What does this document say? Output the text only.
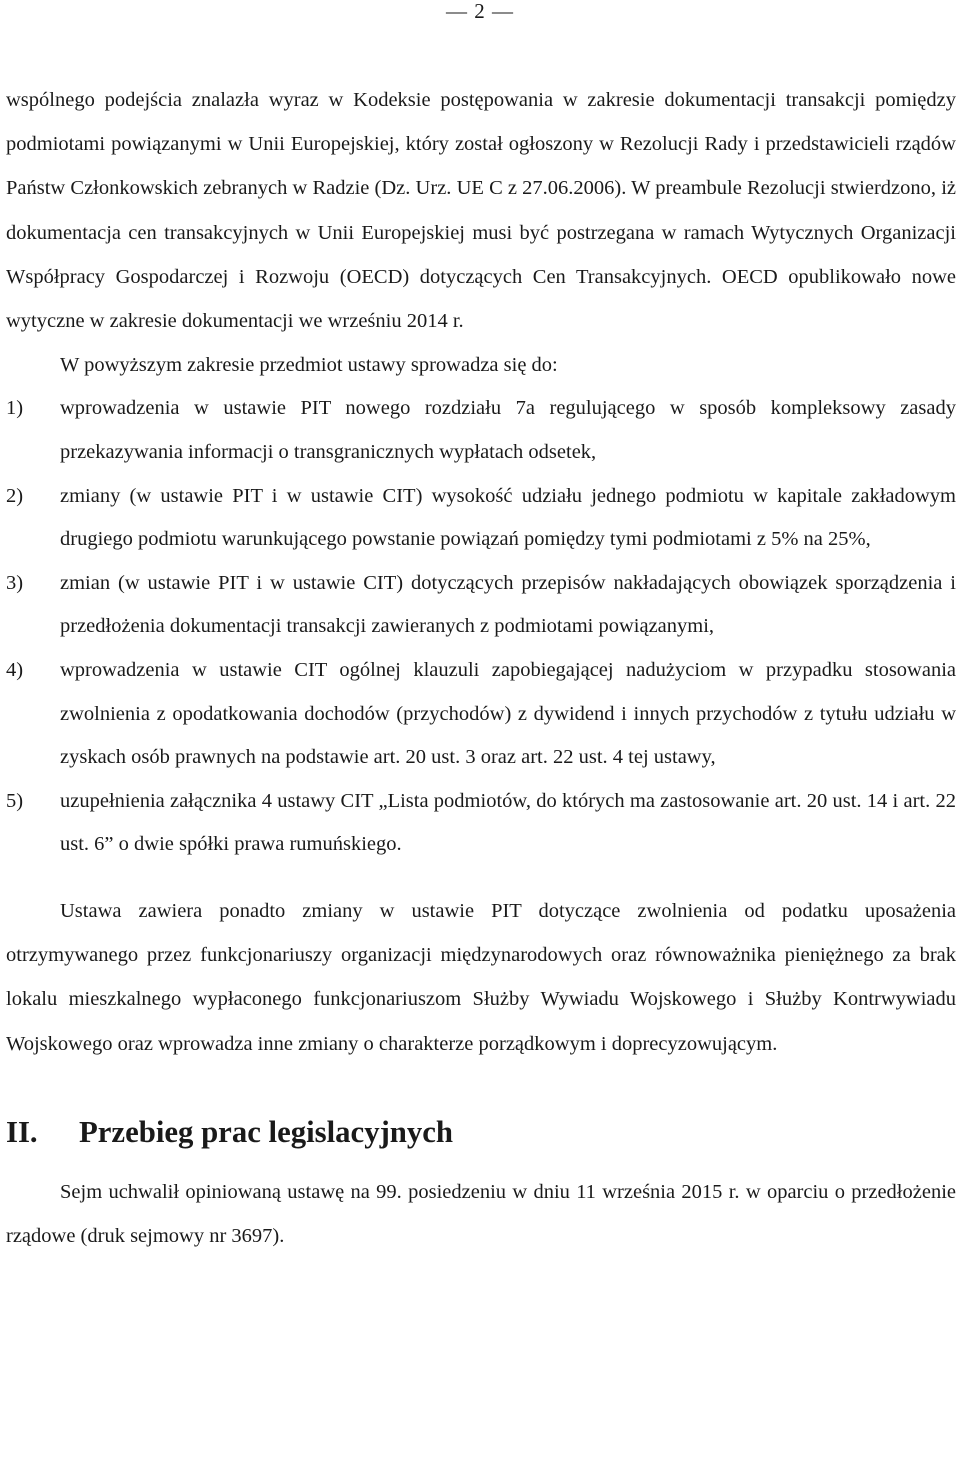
— 2 —

wspólnego podejścia znalazła wyraz w Kodeksie postępowania w zakresie dokumentacji transakcji pomiędzy podmiotami powiązanymi w Unii Europejskiej, który został ogłoszony w Rezolucji Rady i przedstawicieli rządów Państw Członkowskich zebranych w Radzie (Dz. Urz. UE C z 27.06.2006). W preambule Rezolucji stwierdzono, iż dokumentacja cen transakcyjnych w Unii Europejskiej musi być postrzegana w ramach Wytycznych Organizacji Współpracy Gospodarczej i Rozwoju (OECD) dotyczących Cen Transakcyjnych. OECD opublikowało nowe wytyczne w zakresie dokumentacji we wrześniu 2014 r.

W powyższym zakresie przedmiot ustawy sprowadza się do:

1) wprowadzenia w ustawie PIT nowego rozdziału 7a regulującego w sposób kompleksowy zasady przekazywania informacji o transgranicznych wypłatach odsetek,
2) zmiany (w ustawie PIT i w ustawie CIT) wysokość udziału jednego podmiotu w kapitale zakładowym drugiego podmiotu warunkującego powstanie powiązań pomiędzy tymi podmiotami z 5% na 25%,
3) zmian (w ustawie PIT i w ustawie CIT) dotyczących przepisów nakładających obowiązek sporządzenia i przedłożenia dokumentacji transakcji zawieranych z podmiotami powiązanymi,
4) wprowadzenia w ustawie CIT ogólnej klauzuli zapobiegającej nadużyciom w przypadku stosowania zwolnienia z opodatkowania dochodów (przychodów) z dywidend i innych przychodów z tytułu udziału w zyskach osób prawnych na podstawie art. 20 ust. 3 oraz art. 22 ust. 4 tej ustawy,
5) uzupełnienia załącznika 4 ustawy CIT „Lista podmiotów, do których ma zastosowanie art. 20 ust. 14 i art. 22 ust. 6” o dwie spółki prawa rumuńskiego.

Ustawa zawiera ponadto zmiany w ustawie PIT dotyczące zwolnienia od podatku uposażenia otrzymywanego przez funkcjonariuszy organizacji międzynarodowych oraz równoważnika pieniężnego za brak lokalu mieszkalnego wypłaconego funkcjonariuszom Służby Wywiadu Wojskowego i Służby Kontrwywiadu Wojskowego oraz wprowadza inne zmiany o charakterze porządkowym i doprecyzowującym.

II.	Przebieg prac legislacyjnych

Sejm uchwalił opiniowaną ustawę na 99. posiedzeniu w dniu 11 września 2015 r. w oparciu o przedłożenie rządowe (druk sejmowy nr 3697).
